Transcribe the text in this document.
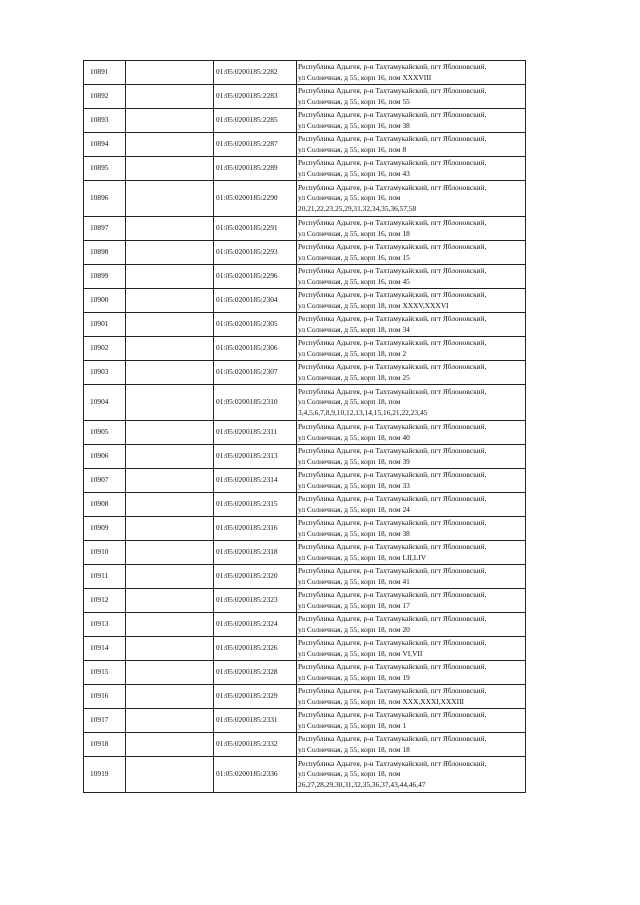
10891		01:05:0200185:2282	Республика Адыгея, р-н Тахтамукайский, пгт Яблоновский,
ул Солнечная, д 55, корп 16, пом XXXVIII

10892		01:05:0200185:2283	Республика Адыгея, р-н Тахтамукайский, пгт Яблоновский,
ул Солнечная, д 55, корп 16, пом 55

10893		01:05:0200185:2285	Республика Адыгея, р-н Тахтамукайский, пгт Яблоновский,
ул Солнечная, д 55, корп 16, пом 38

10894		01:05:0200185:2287	Республика Адыгея, р-н Тахтамукайский, пгт Яблоновский,
ул Солнечная, д 55, корп 16, пом 8

10895		01:05:0200185:2289	Республика Адыгея, р-н Тахтамукайский, пгт Яблоновский,
ул Солнечная, д 55, корп 16, пом 43

10896		01:05:0200185:2290	Республика Адыгея, р-н Тахтамукайский, пгт Яблоновский,
ул Солнечная, д 55, корп 16, пом
20,21,22,23,25,29,31,32,34,35,36,57,58

10897		01:05:0200185:2291	Республика Адыгея, р-н Тахтамукайский, пгт Яблоновский,
ул Солнечная, д 55, корп 16, пом 18

10898		01:05:0200185:2293	Республика Адыгея, р-н Тахтамукайский, пгт Яблоновский,
ул Солнечная, д 55, корп 16, пом 15

10899		01:05:0200185:2296	Республика Адыгея, р-н Тахтамукайский, пгт Яблоновский,
ул Солнечная, д 55, корп 16, пом 45

10900		01:05:0200185:2304	Республика Адыгея, р-н Тахтамукайский, пгт Яблоновский,
ул Солнечная, д 55, корп 18, пом XXXV,XXXVI

10901		01:05:0200185:2305	Республика Адыгея, р-н Тахтамукайский, пгт Яблоновский,
ул Солнечная, д 55, корп 18, пом 34

10902		01:05:0200185:2306	Республика Адыгея, р-н Тахтамукайский, пгт Яблоновский,
ул Солнечная, д 55, корп 18, пом 2

10903		01:05:0200185:2307	Республика Адыгея, р-н Тахтамукайский, пгт Яблоновский,
ул Солнечная, д 55, корп 18, пом 25

10904		01:05:0200185:2310	Республика Адыгея, р-н Тахтамукайский, пгт Яблоновский,
ул Солнечная, д 55, корп 18, пом
3,4,5,6,7,8,9,10,12,13,14,15,16,21,22,23,45

10905		01:05:0200185:2311	Республика Адыгея, р-н Тахтамукайский, пгт Яблоновский,
ул Солнечная, д 55, корп 18, пом 40

10906		01:05:0200185:2313	Республика Адыгея, р-н Тахтамукайский, пгт Яблоновский,
ул Солнечная, д 55, корп 18, пом 39

10907		01:05:0200185:2314	Республика Адыгея, р-н Тахтамукайский, пгт Яблоновский,
ул Солнечная, д 55, корп 18, пом 33

10908		01:05:0200185:2315	Республика Адыгея, р-н Тахтамукайский, пгт Яблоновский,
ул Солнечная, д 55, корп 18, пом 24

10909		01:05:0200185:2316	Республика Адыгея, р-н Тахтамукайский, пгт Яблоновский,
ул Солнечная, д 55, корп 18, пом 38

10910		01:05:0200185:2318	Республика Адыгея, р-н Тахтамукайский, пгт Яблоновский,
ул Солнечная, д 55, корп 18, пом LII,LIV

10911		01:05:0200185:2320	Республика Адыгея, р-н Тахтамукайский, пгт Яблоновский,
ул Солнечная, д 55, корп 18, пом 41

10912		01:05:0200185:2323	Республика Адыгея, р-н Тахтамукайский, пгт Яблоновский,
ул Солнечная, д 55, корп 18, пом 17

10913		01:05:0200185:2324	Республика Адыгея, р-н Тахтамукайский, пгт Яблоновский,
ул Солнечная, д 55, корп 18, пом 20

10914		01:05:0200185:2326	Республика Адыгея, р-н Тахтамукайский, пгт Яблоновский,
ул Солнечная, д 55, корп 18, пом VI,VII

10915		01:05:0200185:2328	Республика Адыгея, р-н Тахтамукайский, пгт Яблоновский,
ул Солнечная, д 55, корп 18, пом 19

10916		01:05:0200185:2329	Республика Адыгея, р-н Тахтамукайский, пгт Яблоновский,
ул Солнечная, д 55, корп 18, пом XXX,XXXI,XXXIII

10917		01:05:0200185:2331	Республика Адыгея, р-н Тахтамукайский, пгт Яблоновский,
ул Солнечная, д 55, корп 18, пом 1

10918		01:05:0200185:2332	Республика Адыгея, р-н Тахтамукайский, пгт Яблоновский,
ул Солнечная, д 55, корп 18, пом 18

10919		01:05:0200185:2336	Республика Адыгея, р-н Тахтамукайский, пгт Яблоновский,
ул Солнечная, д 55, корп 18, пом
26,27,28,29,30,31,32,35,36,37,43,44,46,47
